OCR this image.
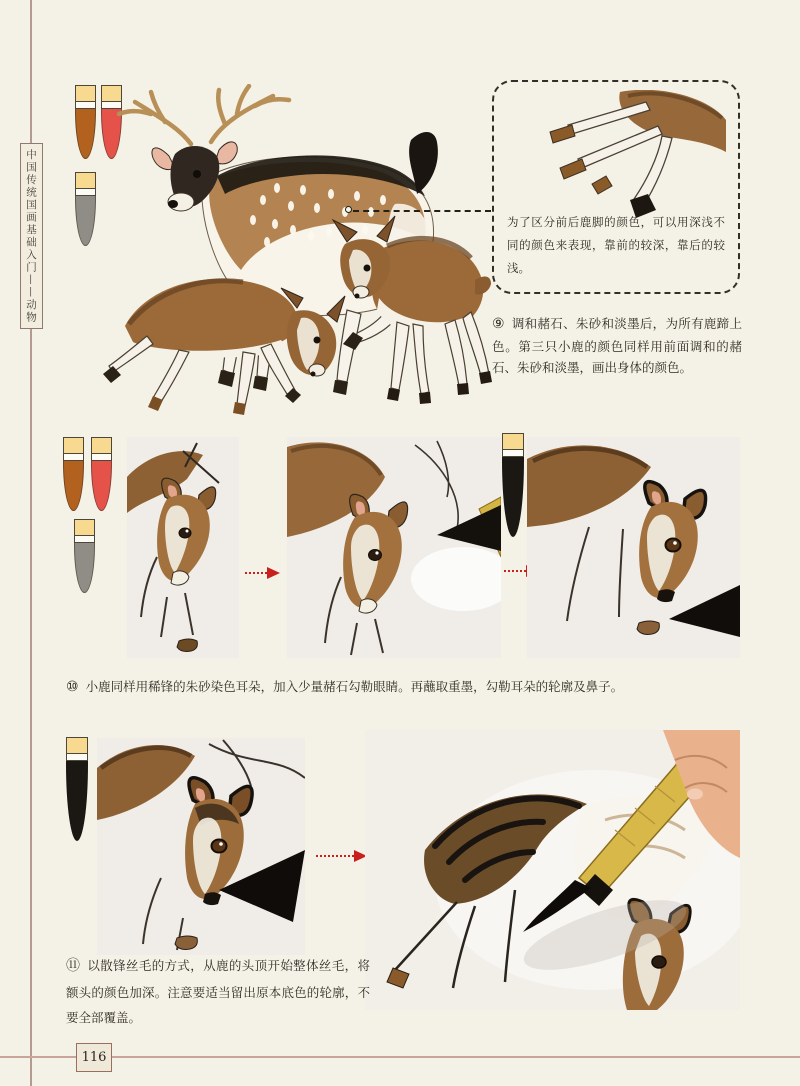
中国传统国画基础入门——动物
116
为了区分前后鹿脚的颜色，可以用深浅不同的颜色来表现，靠前的较深，靠后的较浅。
⑨ 调和赭石、朱砂和淡墨后，为所有鹿蹄上色。第三只小鹿的颜色同样用前面调和的赭石、朱砂和淡墨，画出身体的颜色。
⑩ 小鹿同样用稀锋的朱砂染色耳朵，加入少量赭石勾勒眼睛。再蘸取重墨，勾勒耳朵的轮廓及鼻子。
⑪ 以散锋丝毛的方式，从鹿的头顶开始整体丝毛，将额头的颜色加深。注意要适当留出原本底色的轮廓，不要全部覆盖。
